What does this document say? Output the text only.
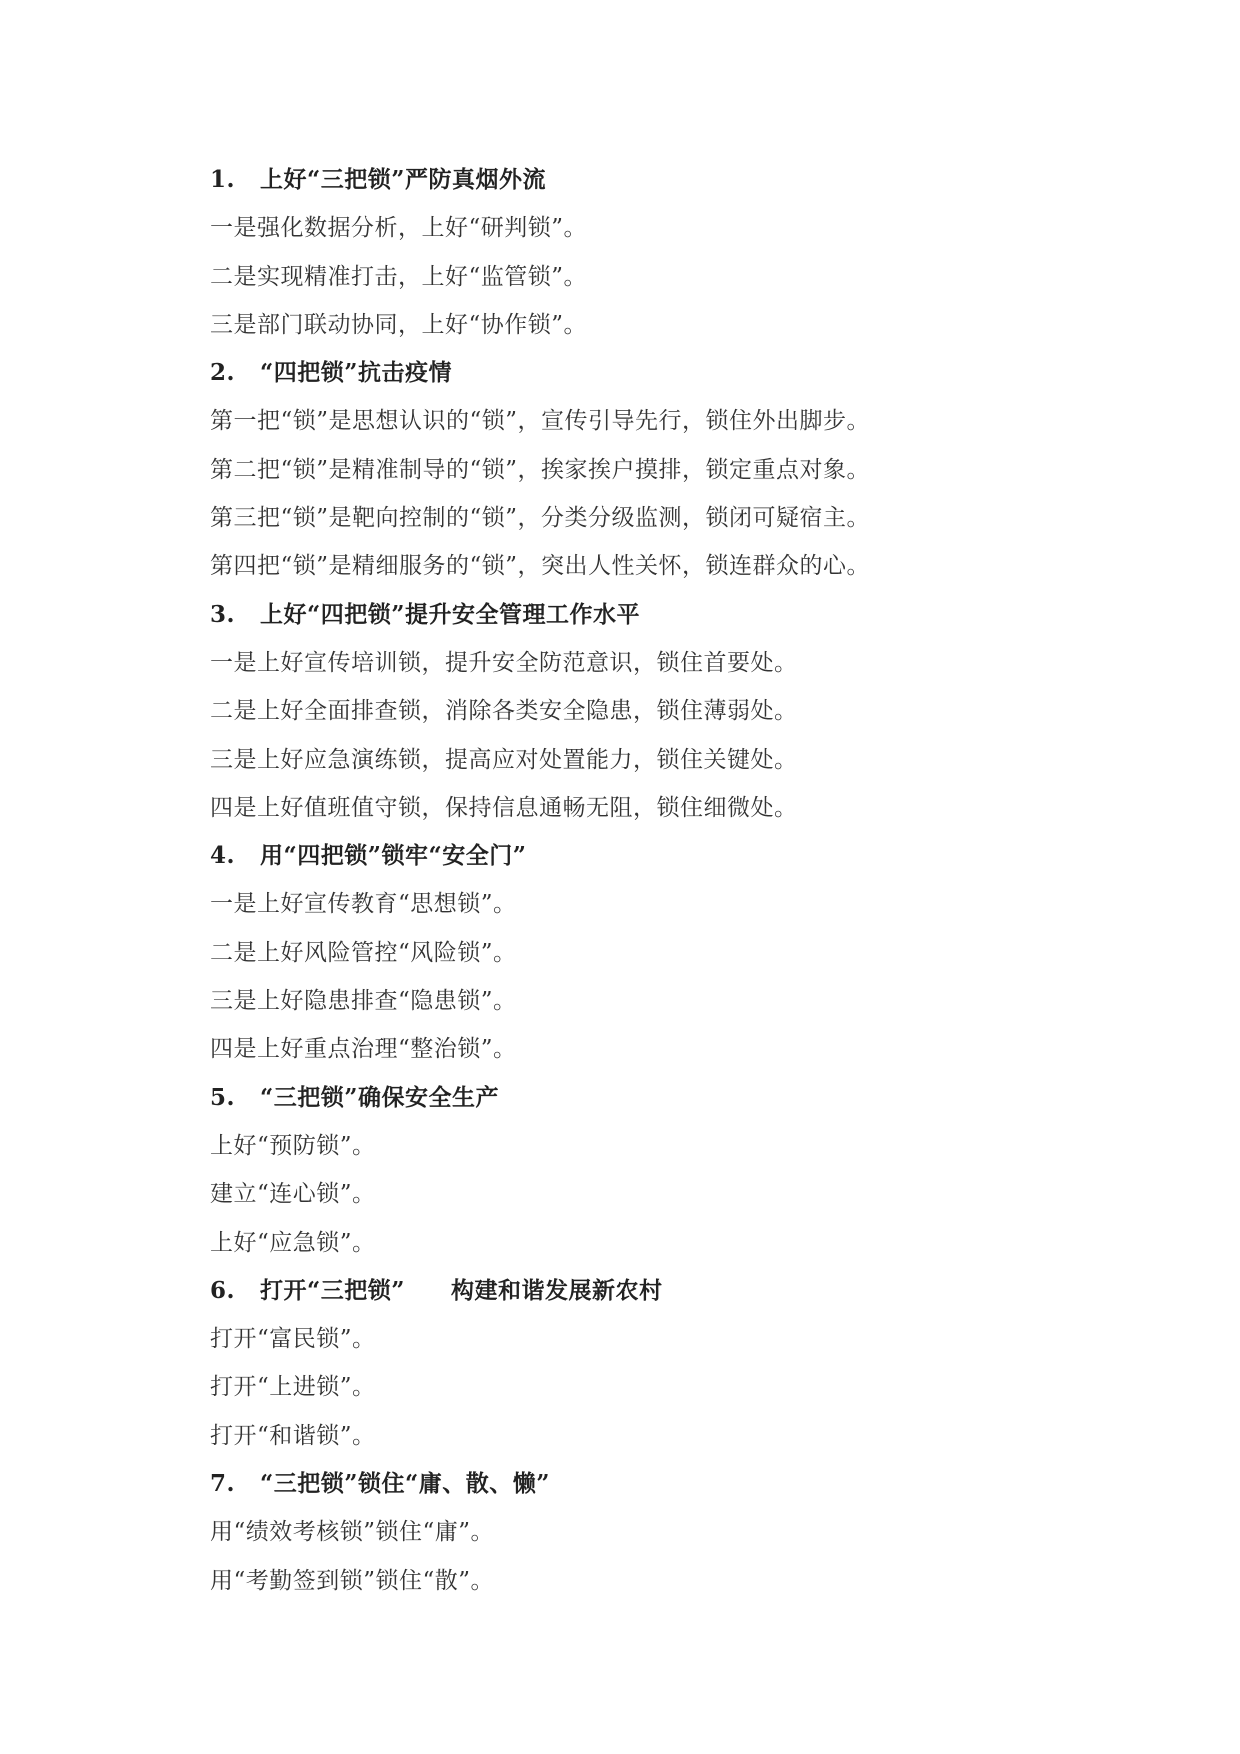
1. 上好“三把锁”严防真烟外流
一是强化数据分析，上好“研判锁”。
二是实现精准打击，上好“监管锁”。
三是部门联动协同，上好“协作锁”。
2. “四把锁”抗击疫情
第一把“锁”是思想认识的“锁”，宣传引导先行，锁住外出脚步。
第二把“锁”是精准制导的“锁”，挨家挨户摸排，锁定重点对象。
第三把“锁”是靶向控制的“锁”，分类分级监测，锁闭可疑宿主。
第四把“锁”是精细服务的“锁”，突出人性关怀，锁连群众的心。
3. 上好“四把锁”提升安全管理工作水平
一是上好宣传培训锁，提升安全防范意识，锁住首要处。
二是上好全面排查锁，消除各类安全隐患，锁住薄弱处。
三是上好应急演练锁，提高应对处置能力，锁住关键处。
四是上好值班值守锁，保持信息通畅无阻，锁住细微处。
4. 用“四把锁”锁牢“安全门”
一是上好宣传教育“思想锁”。
二是上好风险管控“风险锁”。
三是上好隐患排查“隐患锁”。
四是上好重点治理“整治锁”。
5. “三把锁”确保安全生产
上好“预防锁”。
建立“连心锁”。
上好“应急锁”。
6. 打开“三把锁” 构建和谐发展新农村
打开“富民锁”。
打开“上进锁”。
打开“和谐锁”。
7. “三把锁”锁住“庸、散、懒”
用“绩效考核锁”锁住“庸”。
用“考勤签到锁”锁住“散”。
